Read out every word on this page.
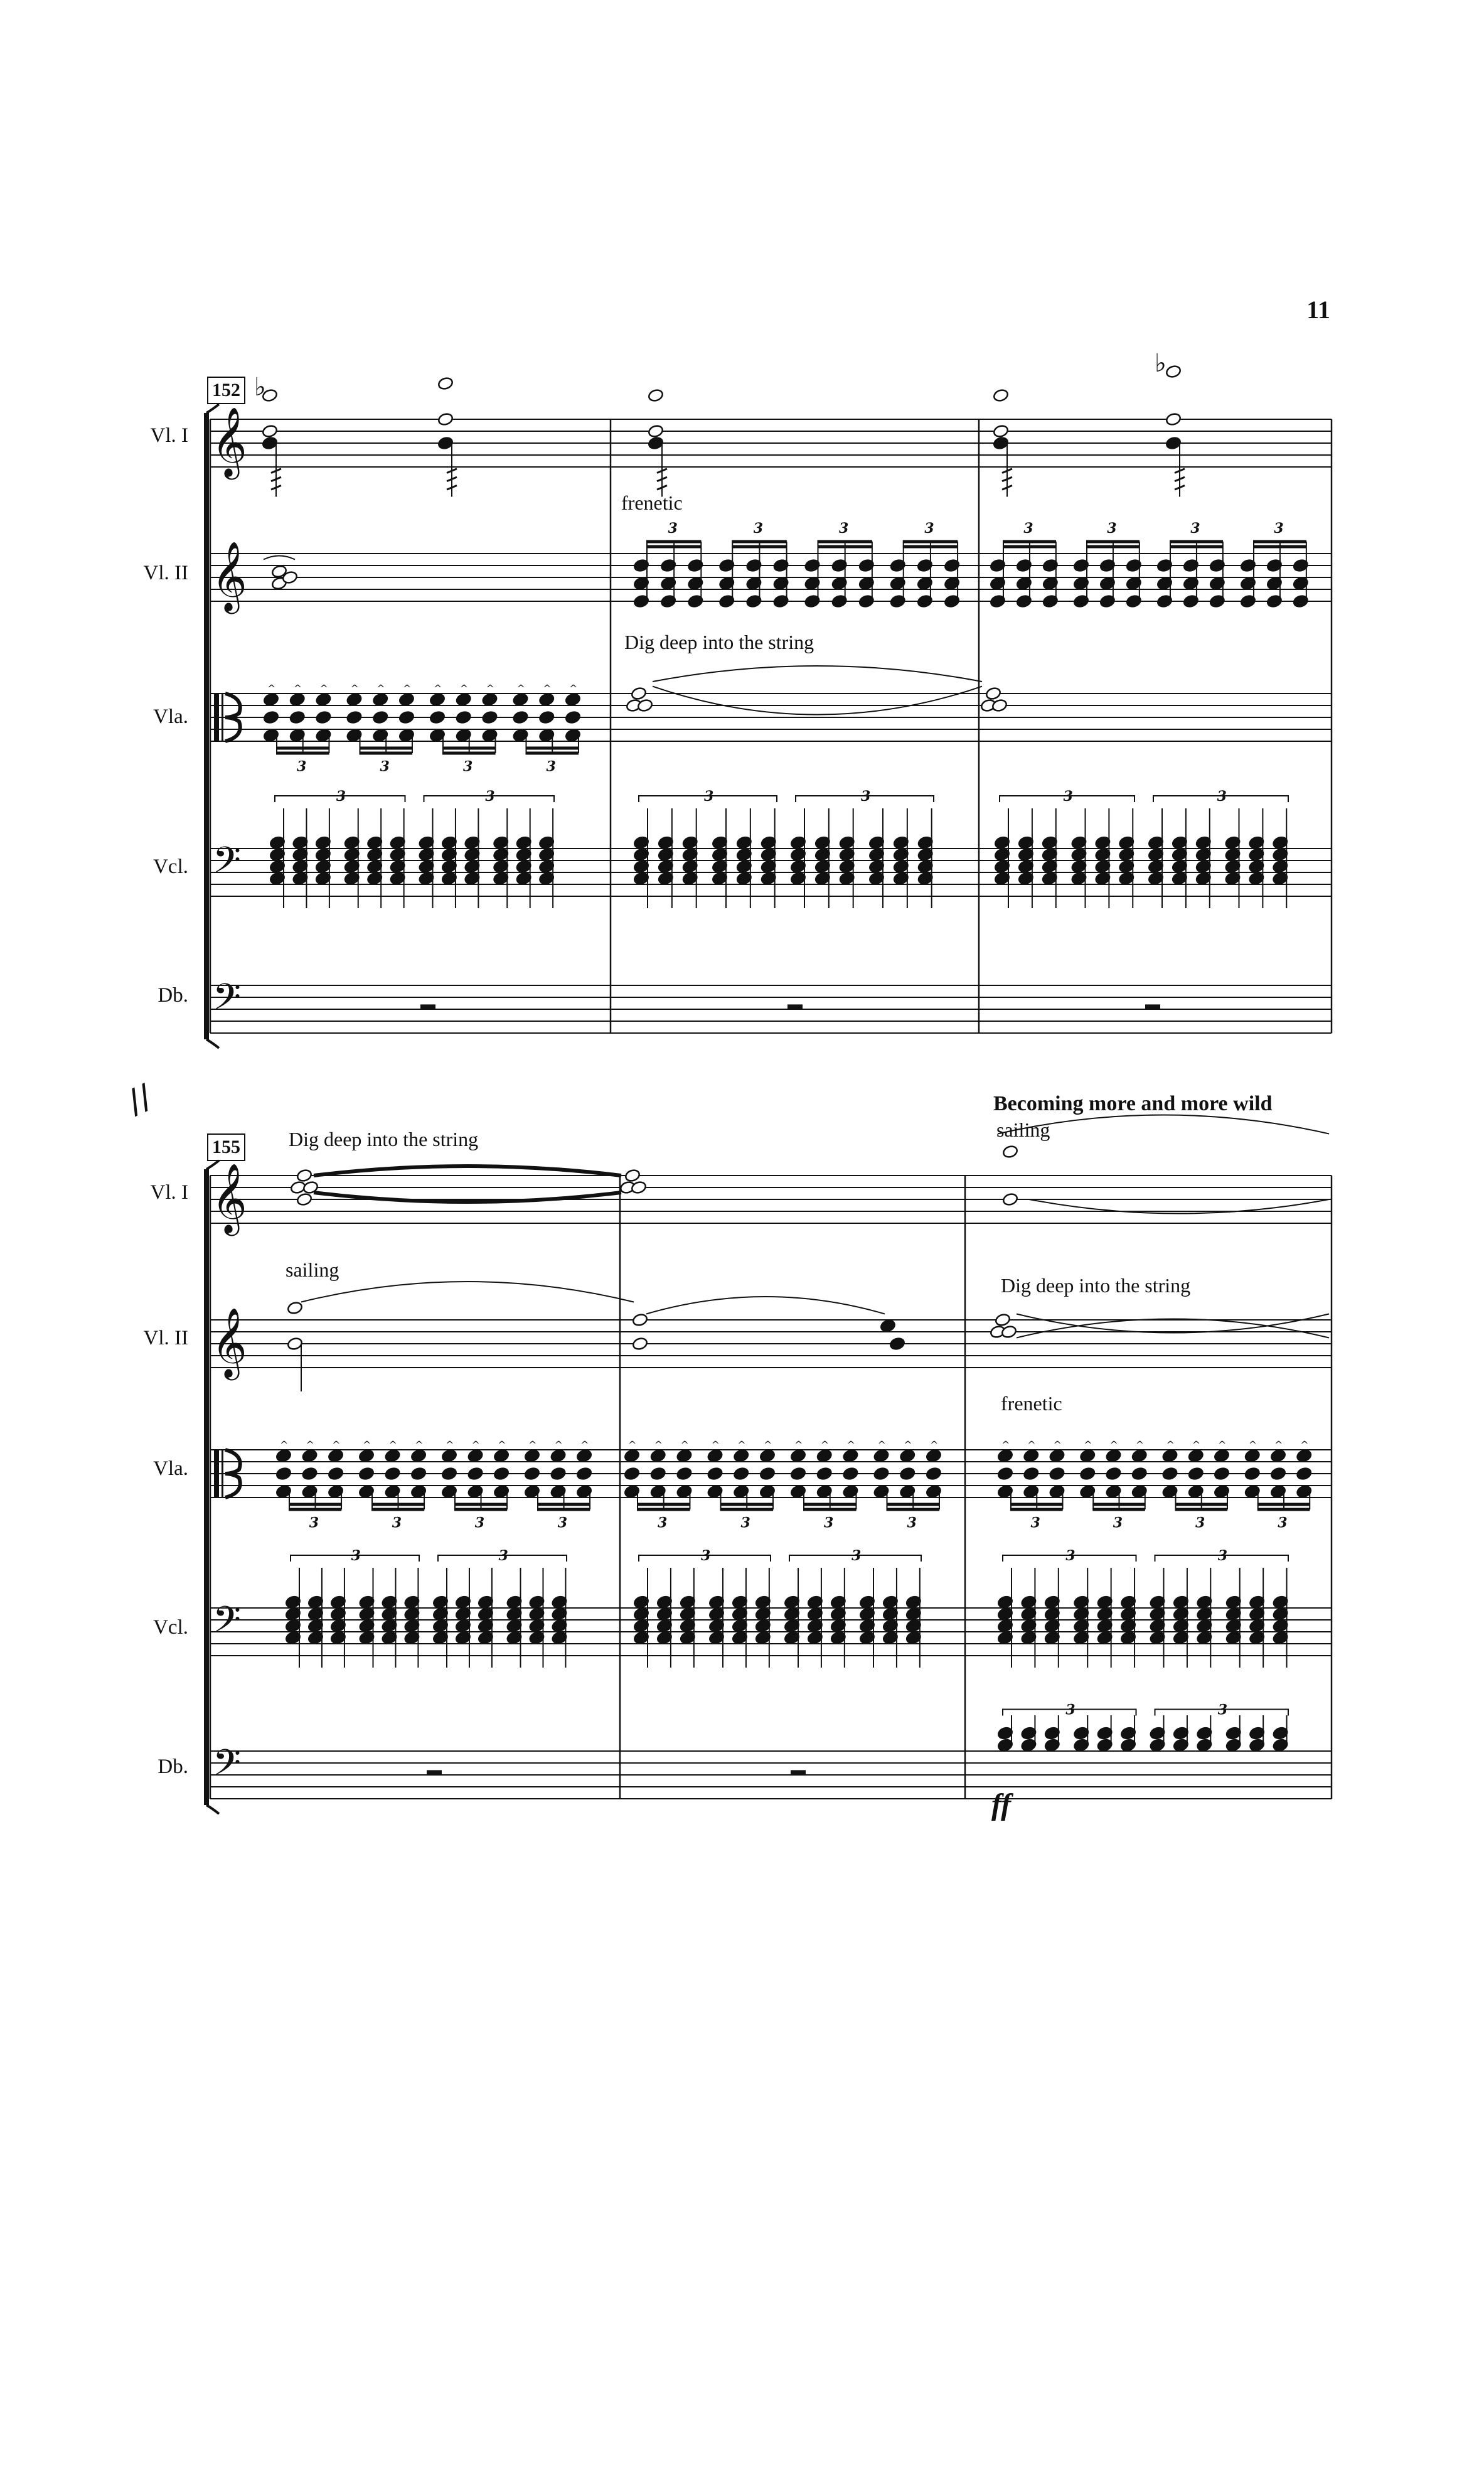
𝄞
𝄞
𝄢
𝄢
♭
♭
3	3	3	3	3	3	3	3
^ ^ ^
3
^ ^ ^
3
^ ^ ^
3
^ ^ ^
3
3	3	3	3	3	3
𝄞
𝄞
𝄢
𝄢
^ ^ ^
3
^ ^ ^
3
^ ^ ^
3
^ ^ ^
3
^ ^ ^
3
^ ^ ^
3
^ ^ ^
3
^ ^ ^
3
^ ^ ^
3
^ ^ ^
3
^ ^ ^
3
^ ^ ^
3
3	3	3	3	3	3
3	3
11
152
Vl. I
Vl. II
Vla.
Vcl.
Db.
frenetic
Dig deep into the string
//
155
Vl. I
Vl. II
Vla.
Vcl.
Db.
Becoming more and more wild
Dig deep into the string	sailing
sailing
Dig deep into the string
frenetic
ff
